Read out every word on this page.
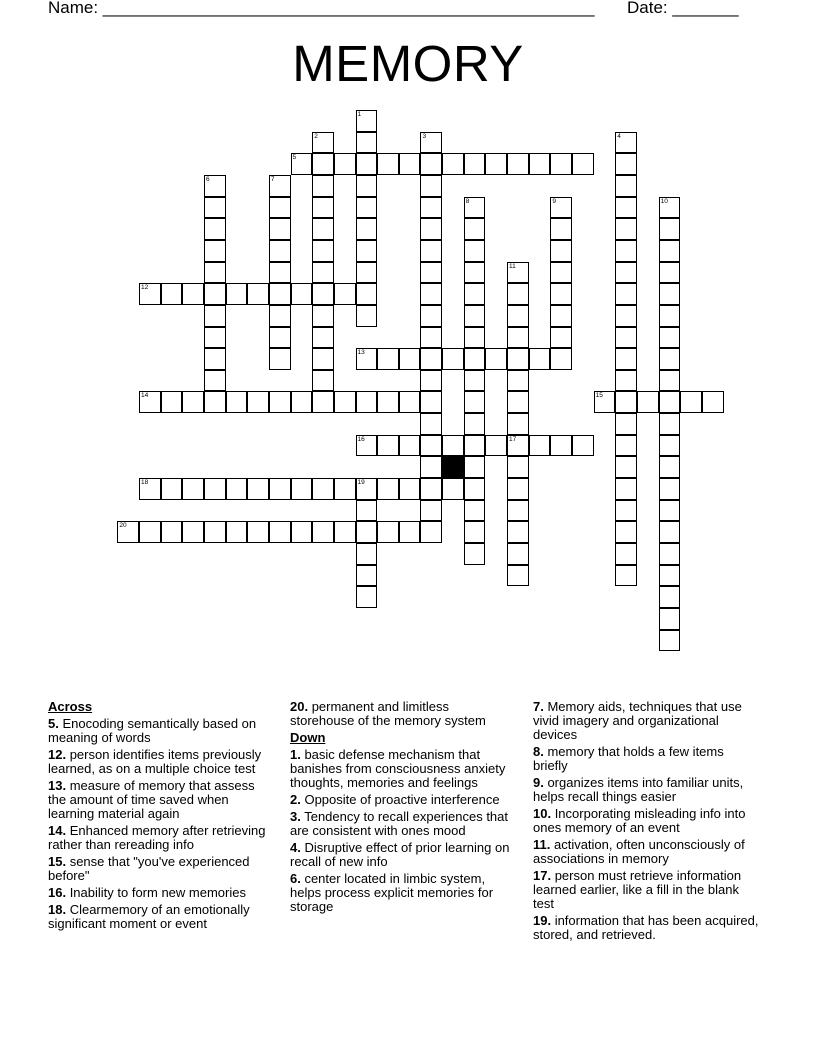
Name: ____________________________________________________ Date: _______
MEMORY
5
12
13
14	15
16	17
18	19
20
1
2	3	4
6	7
8	9	10
11
Across
5. Enocoding semantically based on meaning of words
12. person identifies items previously learned, as on a multiple choice test
13. measure of memory that assess the amount of time saved when learning material again
14. Enhanced memory after retrieving rather than rereading info
15. sense that "you've experienced before"
16. Inability to form new memories
18. Clearmemory of an emotionally significant moment or event
20. permanent and limitless storehouse of the memory system
Down
1. basic defense mechanism that banishes from consciousness anxiety thoughts, memories and feelings
2. Opposite of proactive interference
3. Tendency to recall experiences that are consistent with ones mood
4. Disruptive effect of prior learning on recall of new info
6. center located in limbic system, helps process explicit memories for storage
7. Memory aids, techniques that use vivid imagery and organizational devices
8. memory that holds a few items briefly
9. organizes items into familiar units, helps recall things easier
10. Incorporating misleading info into ones memory of an event
11. activation, often unconsciously of associations in memory
17. person must retrieve information learned earlier, like a fill in the blank test
19. information that has been acquired, stored, and retrieved.
